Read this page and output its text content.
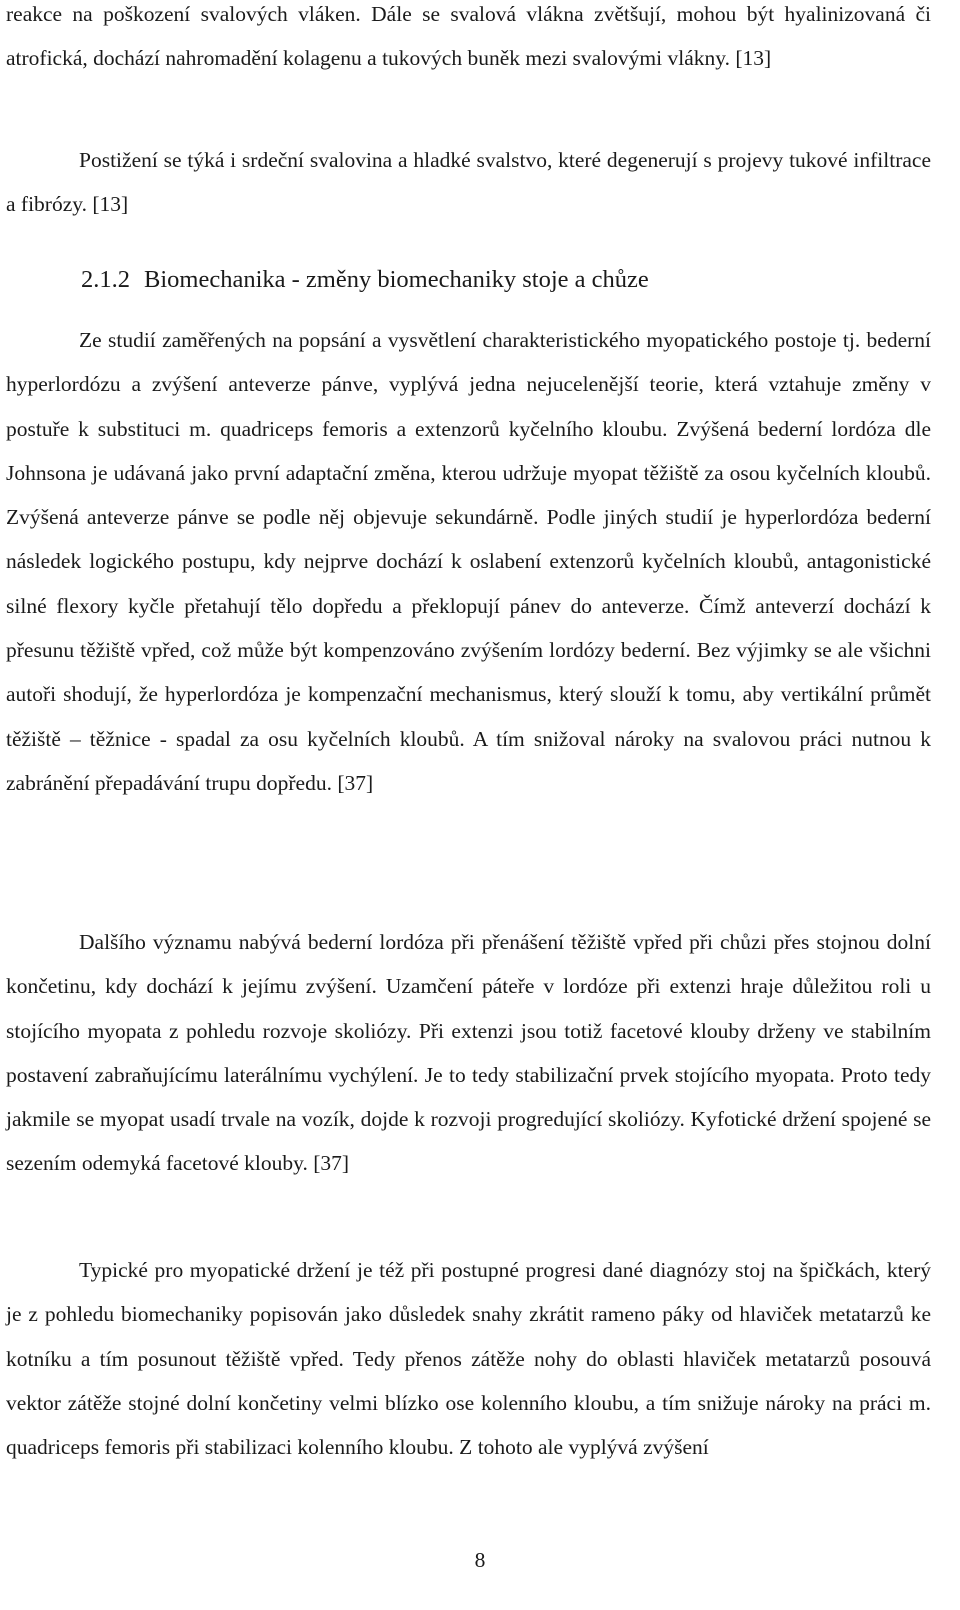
reakce na poškození svalových vláken. Dále se svalová vlákna zvětšují, mohou být hyalinizovaná či atrofická, dochází nahromadění kolagenu a tukových buněk mezi svalovými vlákny. [13]

Postižení se týká i srdeční svalovina a hladké svalstvo, které degenerují s projevy tukové infiltrace a fibrózy. [13]

2.1.2 Biomechanika - změny biomechaniky stoje a chůze

Ze studií zaměřených na popsání a vysvětlení charakteristického myopatického postoje tj. bederní hyperlordózu a zvýšení anteverze pánve, vyplývá jedna nejucelenější teorie, která vztahuje změny v postuře k substituci m. quadriceps femoris a extenzorů kyčelního kloubu. Zvýšená bederní lordóza dle Johnsona je udávaná jako první adaptační změna, kterou udržuje myopat těžiště za osou kyčelních kloubů. Zvýšená anteverze pánve se podle něj objevuje sekundárně. Podle jiných studií je hyperlordóza bederní následek logického postupu, kdy nejprve dochází k oslabení extenzorů kyčelních kloubů, antagonistické silné flexory kyčle přetahují tělo dopředu a překlopují pánev do anteverze. Čímž anteverzí dochází k přesunu těžiště vpřed, což může být kompenzováno zvýšením lordózy bederní. Bez výjimky se ale všichni autoři shodují, že hyperlordóza je kompenzační mechanismus, který slouží k tomu, aby vertikální průmět těžiště – těžnice - spadal za osu kyčelních kloubů. A tím snižoval nároky na svalovou práci nutnou k zabránění přepadávání trupu dopředu. [37]

Dalšího významu nabývá bederní lordóza při přenášení těžiště vpřed při chůzi přes stojnou dolní končetinu, kdy dochází k jejímu zvýšení. Uzamčení páteře v lordóze při extenzi hraje důležitou roli u stojícího myopata z pohledu rozvoje skoliózy. Při extenzi jsou totiž facetové klouby drženy ve stabilním postavení zabraňujícímu laterálnímu vychýlení. Je to tedy stabilizační prvek stojícího myopata. Proto tedy jakmile se myopat usadí trvale na vozík, dojde k rozvoji progredující skoliózy. Kyfotické držení spojené se sezením odemyká facetové klouby. [37]

Typické pro myopatické držení je též při postupné progresi dané diagnózy stoj na špičkách, který je z pohledu biomechaniky popisován jako důsledek snahy zkrátit rameno páky od hlaviček metatarzů ke kotníku a tím posunout těžiště vpřed. Tedy přenos zátěže nohy do oblasti hlaviček metatarzů posouvá vektor zátěže stojné dolní končetiny velmi blízko ose kolenního kloubu, a tím snižuje nároky na práci m. quadriceps femoris při stabilizaci kolenního kloubu. Z tohoto ale vyplývá zvýšení

8
